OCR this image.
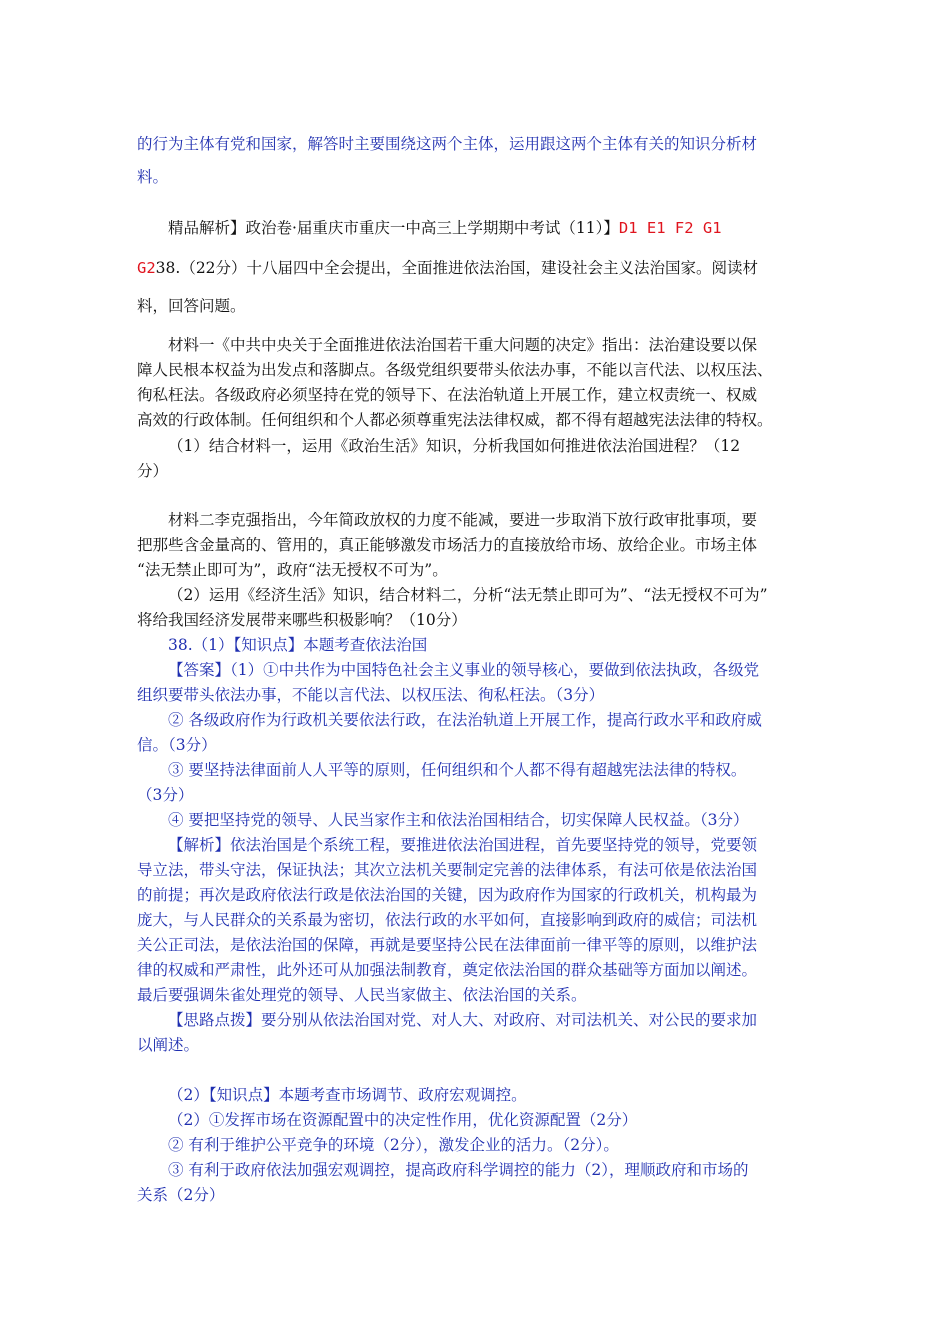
的行为主体有党和国家，解答时主要围绕这两个主体，运用跟这两个主体有关的知识分析材
料。
精品解析】政治卷·届重庆市重庆一中高三上学期期中考试（11）】D1 E1 F2 G1
G238.（22分）十八届四中全会提出，全面推进依法治国，建设社会主义法治国家。阅读材
料，回答问题。
材料一《中共中央关于全面推进依法治国若干重大问题的决定》指出：法治建设要以保
障人民根本权益为出发点和落脚点。各级党组织要带头依法办事，不能以言代法、以权压法、
徇私枉法。各级政府必须坚持在党的领导下、在法治轨道上开展工作，建立权责统一、权威
高效的行政体制。任何组织和个人都必须尊重宪法法律权威，都不得有超越宪法法律的特权。
（1）结合材料一，运用《政治生活》知识，分析我国如何推进依法治国进程？（12
分）
材料二李克强指出，今年简政放权的力度不能减，要进一步取消下放行政审批事项，要
把那些含金量高的、管用的，真正能够激发市场活力的直接放给市场、放给企业。市场主体
“法无禁止即可为”，政府“法无授权不可为”。
（2）运用《经济生活》知识，结合材料二，分析“法无禁止即可为”、“法无授权不可为”
将给我国经济发展带来哪些积极影响？（10分）
38.（1）【知识点】本题考查依法治国
【答案】（1）①中共作为中国特色社会主义事业的领导核心，要做到依法执政，各级党
组织要带头依法办事，不能以言代法、以权压法、徇私枉法。（3分）
② 各级政府作为行政机关要依法行政，在法治轨道上开展工作，提高行政水平和政府威
信。（3分）
③ 要坚持法律面前人人平等的原则，任何组织和个人都不得有超越宪法法律的特权。
（3分）
④ 要把坚持党的领导、人民当家作主和依法治国相结合，切实保障人民权益。（3分）
【解析】依法治国是个系统工程，要推进依法治国进程，首先要坚持党的领导，党要领
导立法，带头守法，保证执法；其次立法机关要制定完善的法律体系，有法可依是依法治国
的前提；再次是政府依法行政是依法治国的关键，因为政府作为国家的行政机关，机构最为
庞大，与人民群众的关系最为密切，依法行政的水平如何，直接影响到政府的威信；司法机
关公正司法，是依法治国的保障，再就是要坚持公民在法律面前一律平等的原则，以维护法
律的权威和严肃性，此外还可从加强法制教育，奠定依法治国的群众基础等方面加以阐述。
最后要强调朱雀处理党的领导、人民当家做主、依法治国的关系。
【思路点拨】要分别从依法治国对党、对人大、对政府、对司法机关、对公民的要求加
以阐述。
（2）【知识点】本题考查市场调节、政府宏观调控。
（2）①发挥市场在资源配置中的决定性作用，优化资源配置（2分）
② 有利于维护公平竞争的环境（2分），激发企业的活力。（2分）。
③ 有利于政府依法加强宏观调控，提高政府科学调控的能力（2），理顺政府和市场的
关系（2分）
